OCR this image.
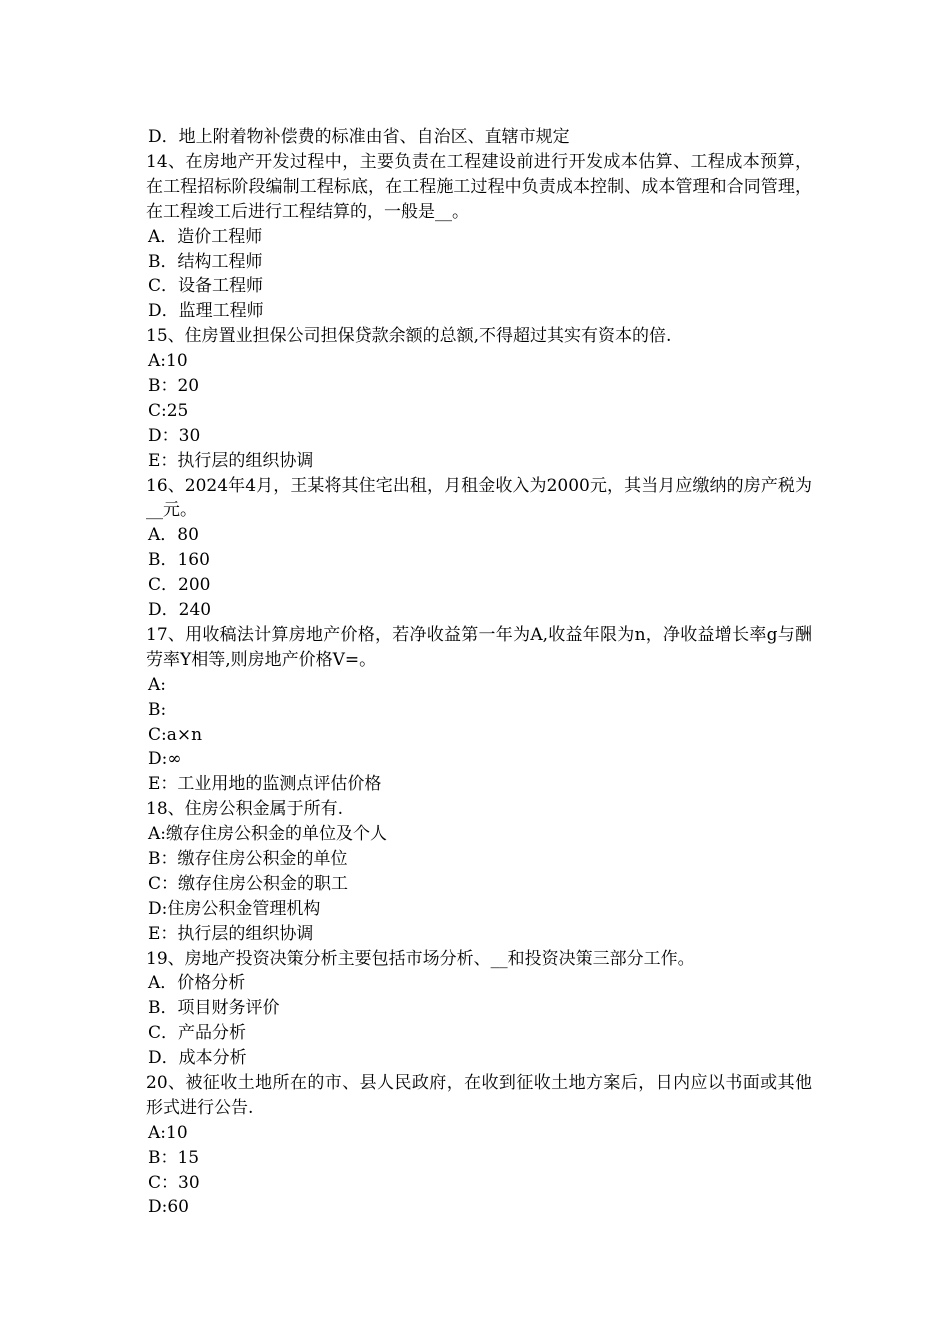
D．地上附着物补偿费的标准由省、自治区、直辖市规定
14、在房地产开发过程中，主要负责在工程建设前进行开发成本估算、工程成本预算，在工程招标阶段编制工程标底，在工程施工过程中负责成本控制、成本管理和合同管理，在工程竣工后进行工程结算的，一般是__。
A．造价工程师
B．结构工程师
C．设备工程师
D．监理工程师
15、住房置业担保公司担保贷款余额的总额,不得超过其实有资本的倍.
A:10
B：20
C:25
D：30
E：执行层的组织协调
16、2024年4月，王某将其住宅出租，月租金收入为2000元，其当月应缴纳的房产税为__元。
A．80
B．160
C．200
D．240
17、用收稿法计算房地产价格，若净收益第一年为A,收益年限为n，净收益增长率g与酬劳率Y相等,则房地产价格V=。
A:
B:
C:a×n
D:∞
E：工业用地的监测点评估价格
18、住房公积金属于所有.
A:缴存住房公积金的单位及个人
B：缴存住房公积金的单位
C：缴存住房公积金的职工
D:住房公积金管理机构
E：执行层的组织协调
19、房地产投资决策分析主要包括市场分析、__和投资决策三部分工作。
A．价格分析
B．项目财务评价
C．产品分析
D．成本分析
20、被征收土地所在的市、县人民政府，在收到征收土地方案后，日内应以书面或其他形式进行公告.
A:10
B：15
C：30
D:60
